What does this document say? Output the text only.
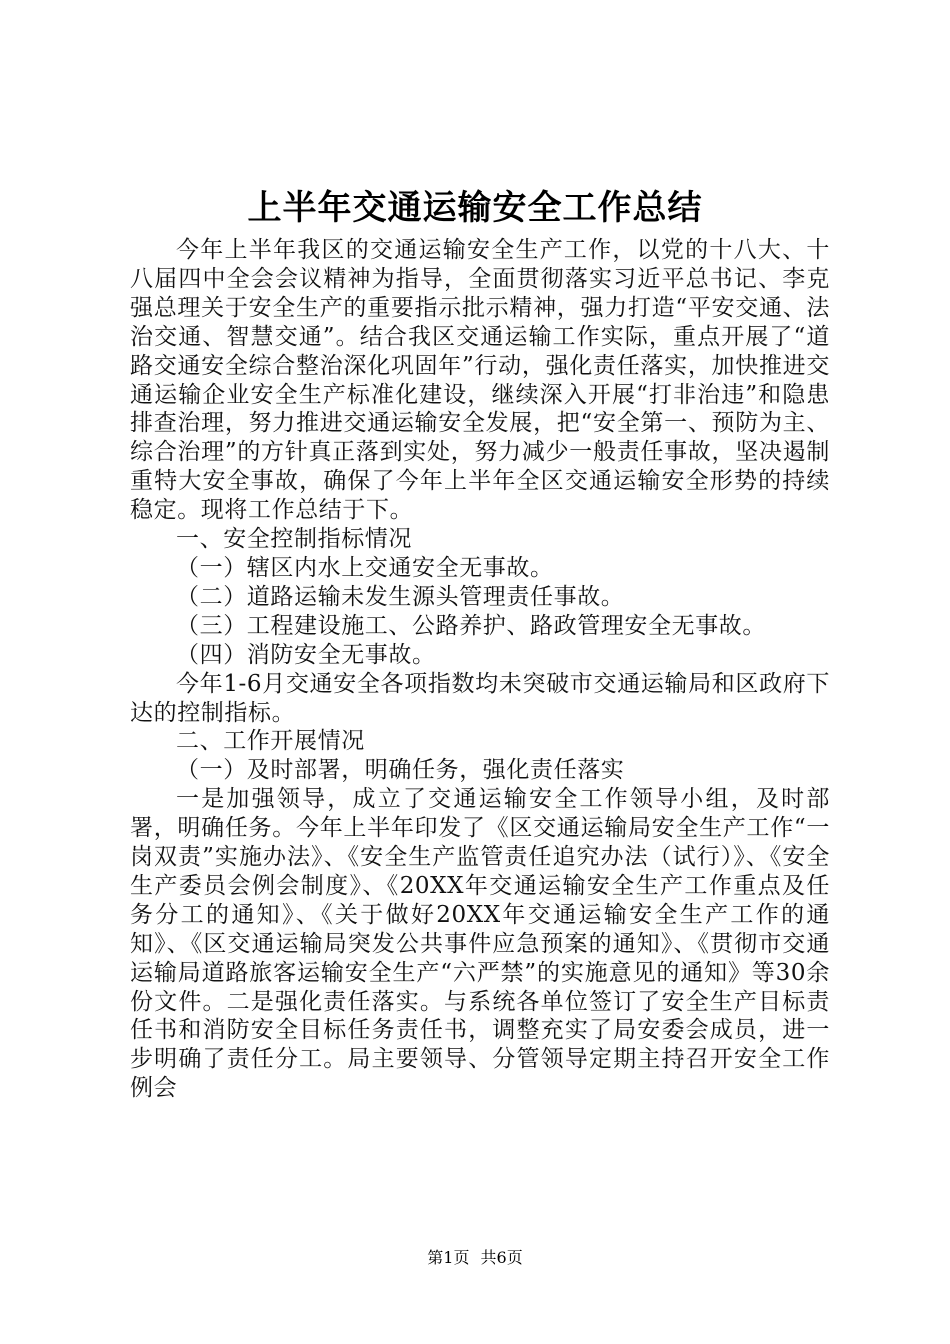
上半年交通运输安全工作总结

今年上半年我区的交通运输安全生产工作，以党的十八大、十八届四中全会会议精神为指导，全面贯彻落实习近平总书记、李克强总理关于安全生产的重要指示批示精神，强力打造“平安交通、法治交通、智慧交通”。结合我区交通运输工作实际，重点开展了“道路交通安全综合整治深化巩固年”行动，强化责任落实，加快推进交通运输企业安全生产标准化建设，继续深入开展“打非治违”和隐患排查治理，努力推进交通运输安全发展，把“安全第一、预防为主、综合治理”的方针真正落到实处，努力减少一般责任事故，坚决遏制重特大安全事故，确保了今年上半年全区交通运输安全形势的持续稳定。现将工作总结于下。

一、安全控制指标情况

（一）辖区内水上交通安全无事故。

（二）道路运输未发生源头管理责任事故。

（三）工程建设施工、公路养护、路政管理安全无事故。

（四）消防安全无事故。

今年1-6月交通安全各项指数均未突破市交通运输局和区政府下达的控制指标。

二、工作开展情况

（一）及时部署，明确任务，强化责任落实

一是加强领导，成立了交通运输安全工作领导小组，及时部署，明确任务。今年上半年印发了《区交通运输局安全生产工作“一岗双责”实施办法》、《安全生产监管责任追究办法（试行）》、《安全生产委员会例会制度》、《20XX年交通运输安全生产工作重点及任务分工的通知》、《关于做好20XX年交通运输安全生产工作的通知》、《区交通运输局突发公共事件应急预案的通知》、《贯彻市交通运输局道路旅客运输安全生产“六严禁”的实施意见的通知》等30余份文件。二是强化责任落实。与系统各单位签订了安全生产目标责任书和消防安全目标任务责任书，调整充实了局安委会成员，进一步明确了责任分工。局主要领导、分管领导定期主持召开安全工作例会

第1页 共6页
